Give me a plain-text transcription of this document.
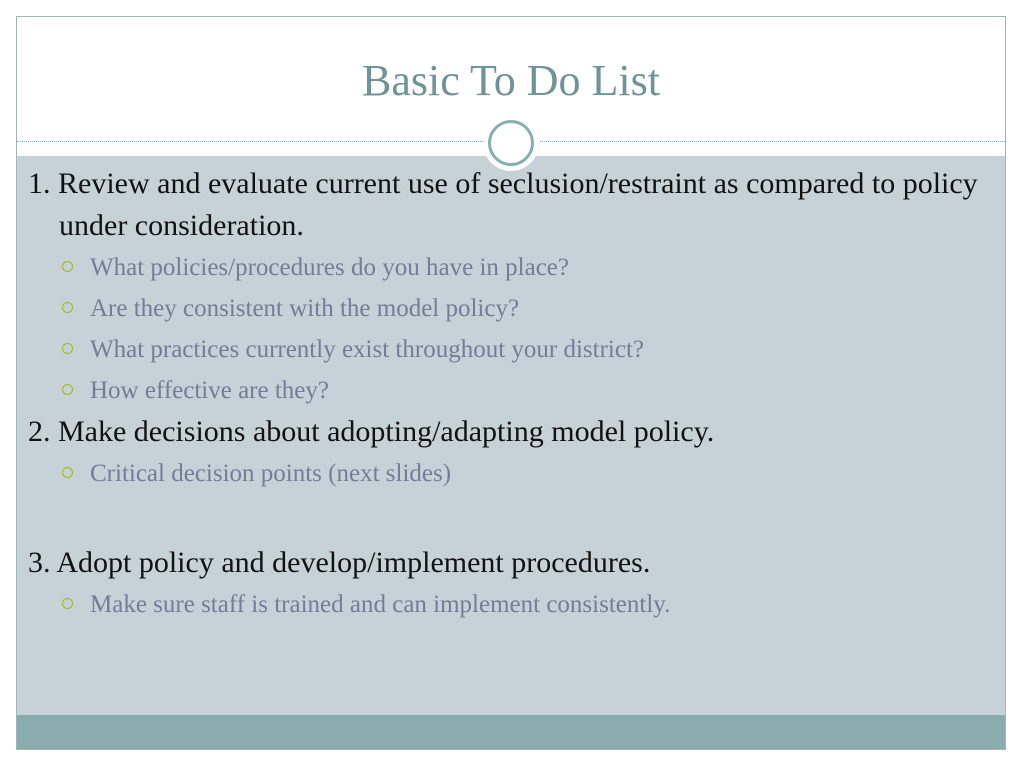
Basic To Do List
1. Review and evaluate current use of seclusion/restraint as compared to policy under consideration.
What policies/procedures do you have in place?
Are they consistent with the model policy?
What practices currently exist throughout your district?
How effective are they?
2. Make decisions about adopting/adapting model policy.
Critical decision points (next slides)
3. Adopt policy and develop/implement procedures.
Make sure staff is trained and can implement consistently.
